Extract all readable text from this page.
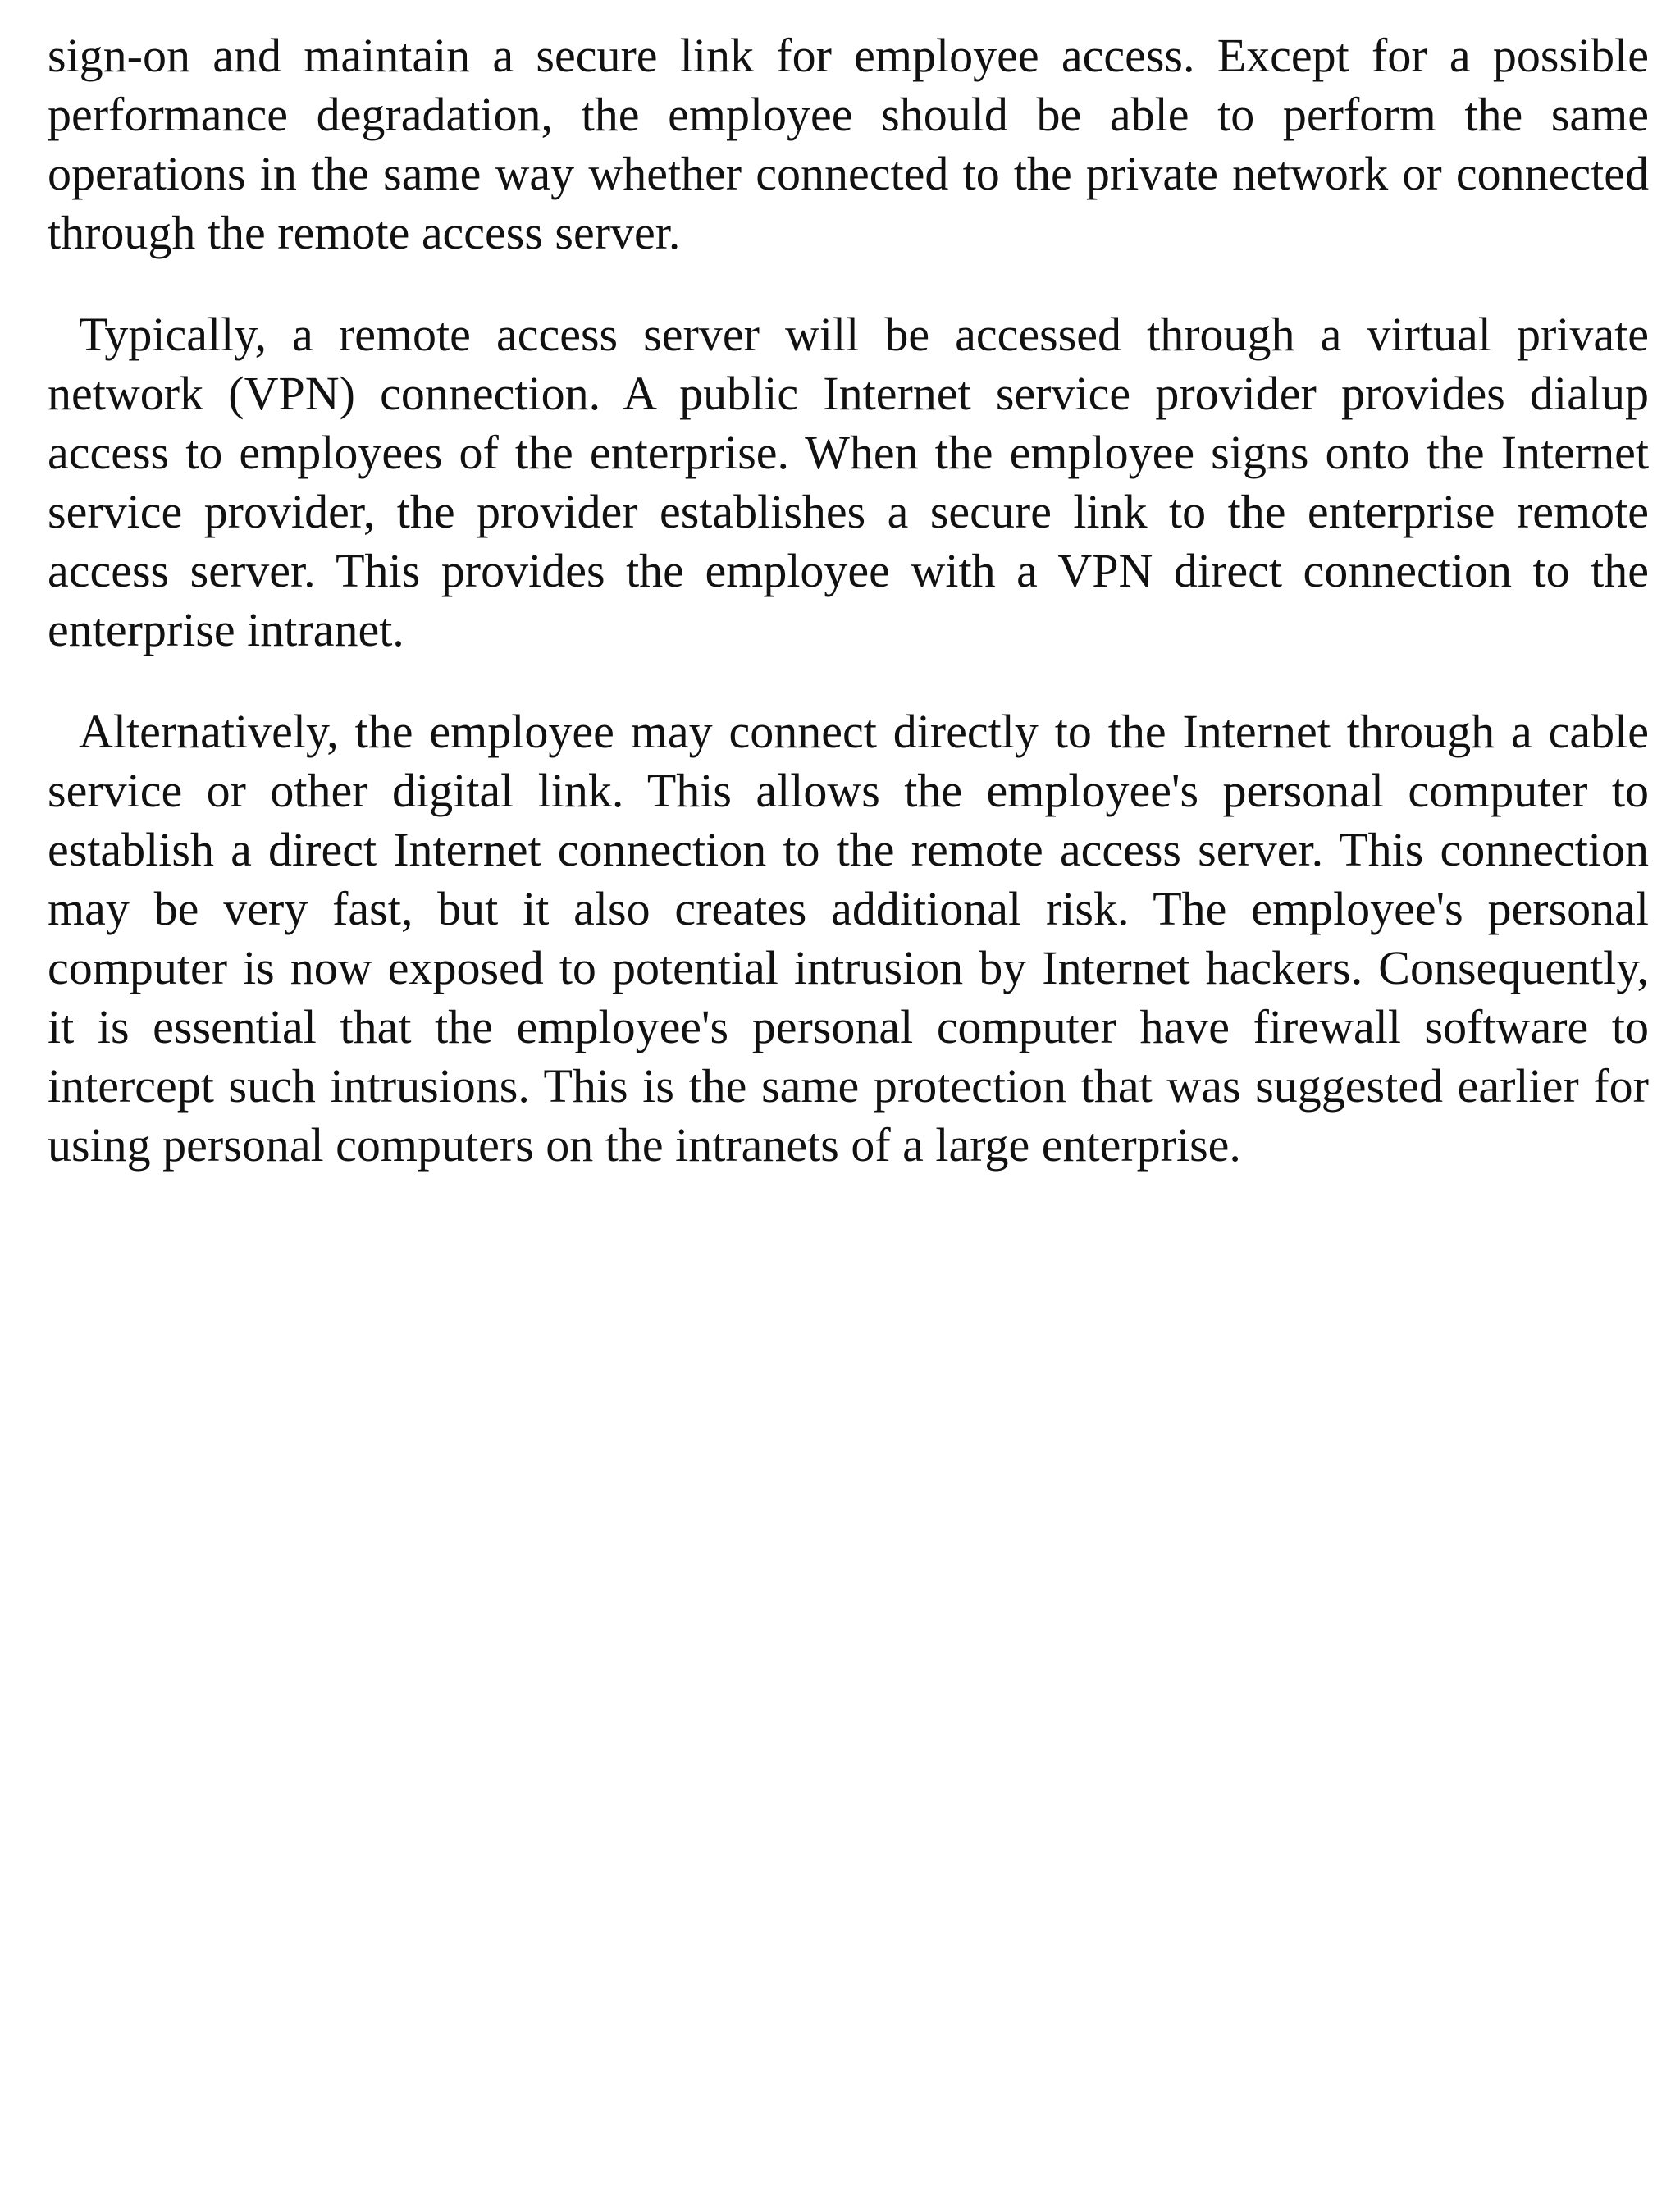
sign-on and maintain a secure link for employee access. Except for a possible performance degradation, the employee should be able to perform the same operations in the same way whether connected to the private network or connected through the remote access server.

Typically, a remote access server will be accessed through a virtual private network (VPN) connection. A public Internet service provider provides dialup access to employees of the enterprise. When the employee signs onto the Internet service provider, the provider establishes a secure link to the enterprise remote access server. This provides the employee with a VPN direct connection to the enterprise intranet.

Alternatively, the employee may connect directly to the Internet through a cable service or other digital link. This allows the employee's personal computer to establish a direct Internet connection to the remote access server. This connection may be very fast, but it also creates additional risk. The employee's personal computer is now exposed to potential intrusion by Internet hackers. Consequently, it is essential that the employee's personal computer have firewall software to intercept such intrusions. This is the same protection that was suggested earlier for using personal computers on the intranets of a large enterprise.
